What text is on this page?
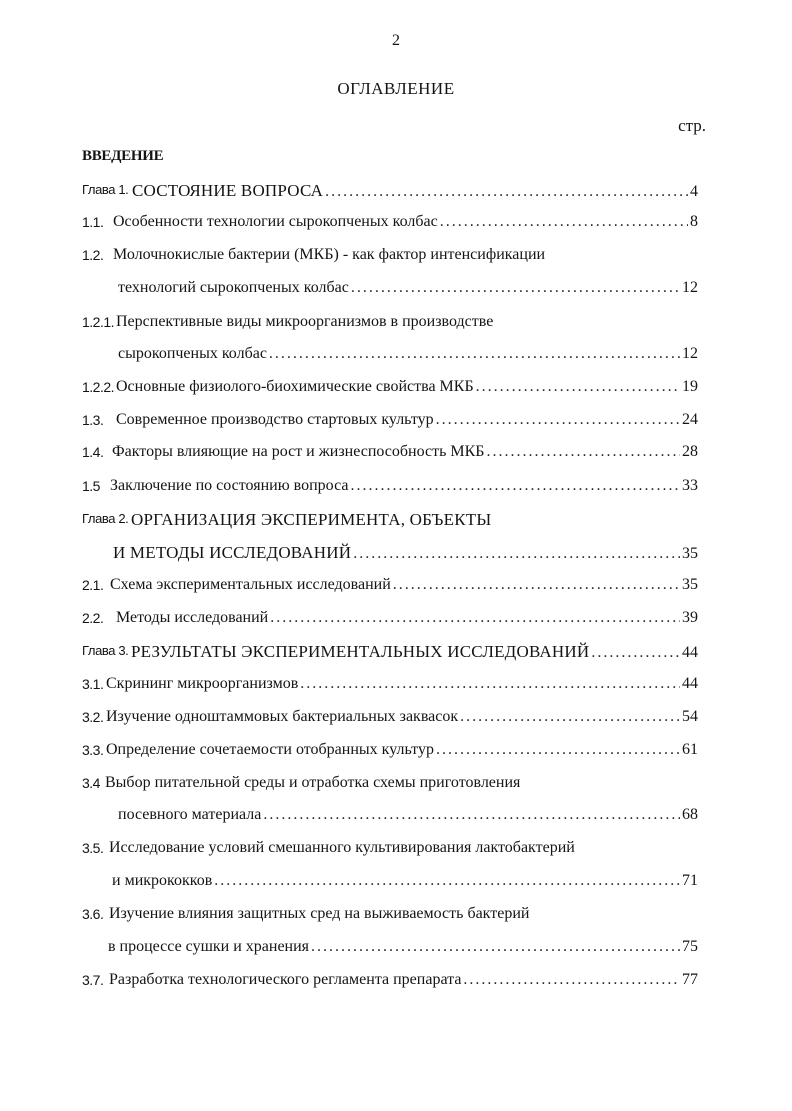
2
ОГЛАВЛЕНИЕ
стр.
ВВЕДЕНИЕ
Глава 1. СОСТОЯНИЕ ВОПРОСА .....	4
1.1. Особенности технологии сырокопченых колбас .....	8
1.2. Молочнокислые бактерии (МКБ) - как фактор интенсификации
технологий сырокопченых колбас .....	12
1.2.1. Перспективные виды микроорганизмов в производстве
сырокопченых колбас .....	12
1.2.2. Основные физиолого-биохимические свойства МКБ .....	19
1.3. Современное производство стартовых культур .....	24
1.4. Факторы влияющие на рост и жизнеспособность МКБ .....	28
1.5 Заключение по состоянию вопроса .....	33
Глава 2. ОРГАНИЗАЦИЯ ЭКСПЕРИМЕНТА, ОБЪЕКТЫ
И МЕТОДЫ ИССЛЕДОВАНИЙ .....	35
2.1. Схема экспериментальных исследований .....	35
2.2. Методы исследований .....	39
Глава 3. РЕЗУЛЬТАТЫ ЭКСПЕРИМЕНТАЛЬНЫХ ИССЛЕДОВАНИЙ .....	44
3.1. Скрининг микроорганизмов .....	44
3.2. Изучение одноштаммовых бактериальных заквасок .....	54
3.3. Определение сочетаемости отобранных культур .....	61
3.4 Выбор питательной среды и отработка схемы приготовления
посевного материала .....	68
3.5. Исследование условий смешанного культивирования лактобактерий
и микрококков .....	71
3.6. Изучение влияния защитных сред на выживаемость бактерий
в процессе сушки и хранения .....	75
3.7. Разработка технологического регламента препарата .....	77
